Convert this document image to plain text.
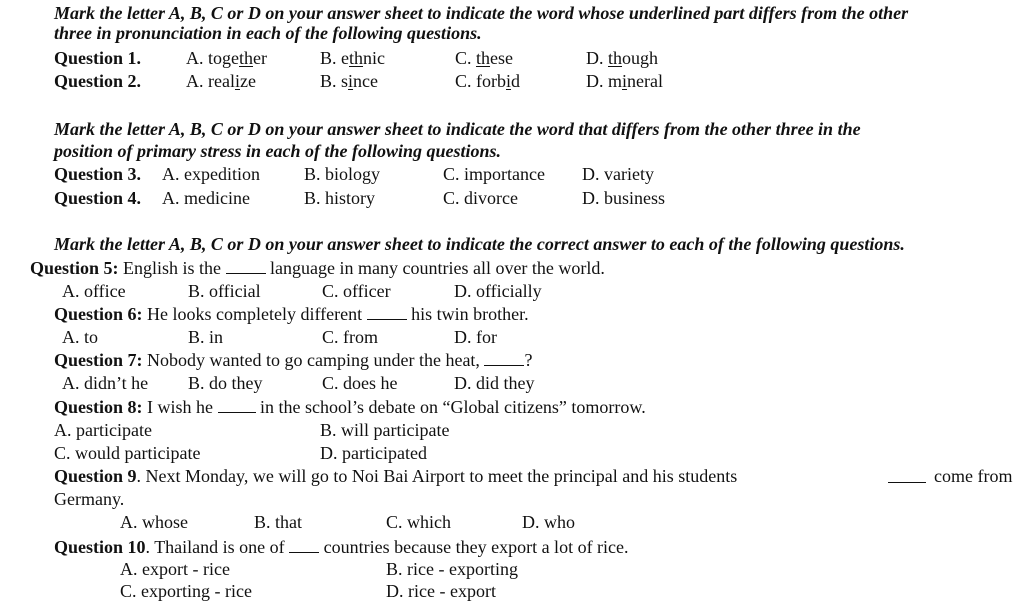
Mark the letter A, B, C or D on your answer sheet to indicate the word whose underlined part differs from the other
three in pronunciation in each of the following questions.
Question 1. A. together	B. ethnic	C. these	D. though
Question 2. A. realize	B. since	C. forbid	D. mineral
Mark the letter A, B, C or D on your answer sheet to indicate the word that differs from the other three in the
position of primary stress in each of the following questions.
Question 3. A. expedition B. biology	C. importance D. variety
Question 4. A. medicine	B. history	C. divorce	D. business
Mark the letter A, B, C or D on your answer sheet to indicate the correct answer to each of the following questions.
Question 5: English is the  language in many countries all over the world.
A. office	B. official	C. officer	D. officially
Question 6: He looks completely different  his twin brother.
A. to	B. in	C. from	D. for
Question 7: Nobody wanted to go camping under the heat, ?
A. didn’t he B. do they	C. does he	D. did they
Question 8: I wish he  in the school’s debate on “Global citizens” tomorrow.
A. participate	B. will participate
C. would participate	D. participated
Question 9. Next Monday, we will go to Noi Bai Airport to meet the principal and his students	come from
Germany.
A. whose	B. that	C. which	D. who
Question 10. Thailand is one of  countries because they export a lot of rice.
A. export - rice	B. rice - exporting
C. exporting - rice	D. rice - export
